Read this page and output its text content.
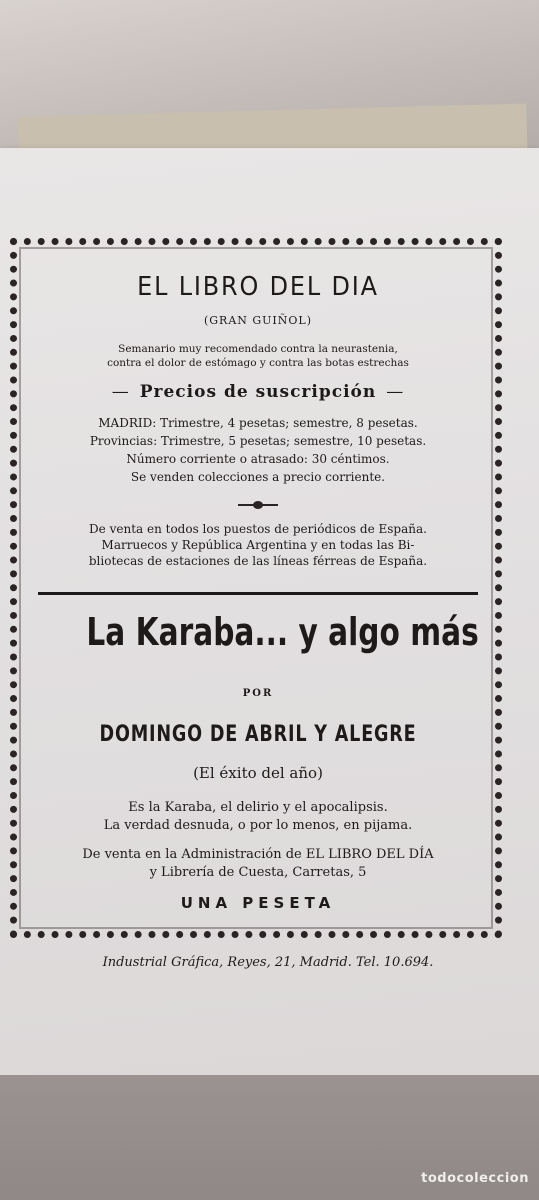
EL LIBRO DEL DIA
(GRAN GUIÑOL)
Semanario muy recomendado contra la neurastenia,
contra el dolor de estómago y contra las botas estrechas
— Precios de suscripción —
MADRID: Trimestre, 4 pesetas; semestre, 8 pesetas.
Provincias: Trimestre, 5 pesetas; semestre, 10 pesetas.
Número corriente o atrasado: 30 céntimos.
Se venden colecciones a precio corriente.
De venta en todos los puestos de periódicos de España.
Marruecos y República Argentina y en todas las Bi-
bliotecas de estaciones de las líneas férreas de España.
La Karaba... y algo más
POR
DOMINGO DE ABRIL Y ALEGRE
(El éxito del año)
Es la Karaba, el delirio y el apocalipsis.
La verdad desnuda, o por lo menos, en pijama.
De venta en la Administración de EL LIBRO DEL DÍA
y Librería de Cuesta, Carretas, 5
UNA PESETA
Industrial Gráfica, Reyes, 21, Madrid. Tel. 10.694.
todocoleccion
